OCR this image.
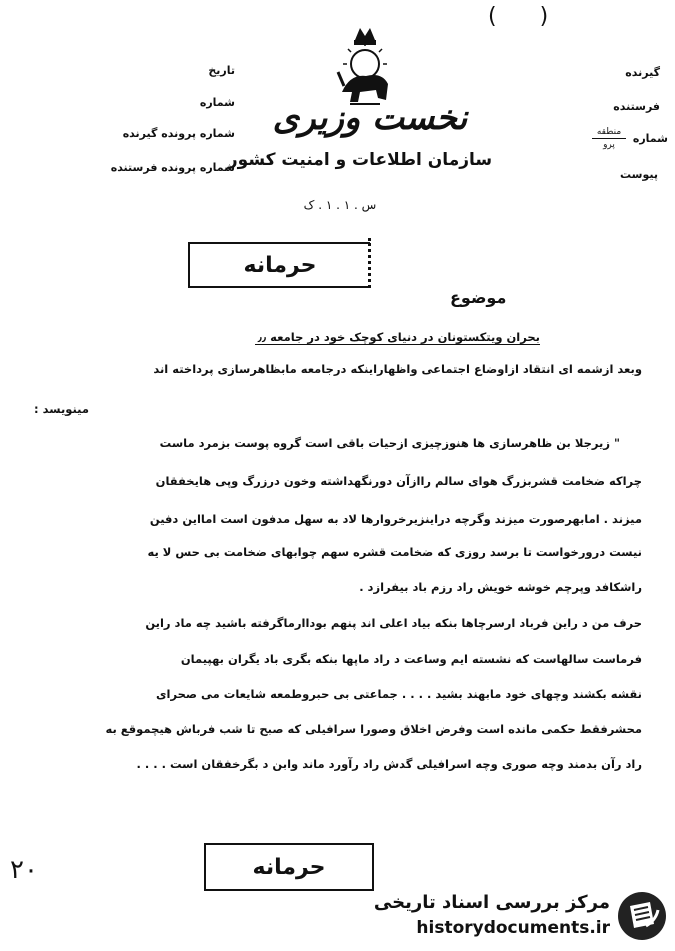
( )
تاریخ
شماره
شماره پرونده گیرنده
شماره پرونده فرستنده
گیرنده
فرستنده
شماره
منطقه
پرو
پیوست
نخست وزیری
سازمان اطلاعات و امنیت کشور
س . ۱ . ۱ . ک
حرمانه
موضوع
بحران ویتکستونان در دنیای کوچک خود در جامعه ٫٫
وبعد ازشمه ای انتقاد ازاوضاع اجتماعی واظهاراینکه درجامعه مابظاهرسازی پرداخته اند
مینویسد :
" زیرجلا بن ظاهرسازی ها هنوزچیزی ازحیات باقی است گروه پوست بزمرد ماست
چراکه ضخامت قشربزرگ هوای سالم راازآن دورنگهداشته وخون درزرگ وپی هایخفقان
میزند . امابهرصورت میزند وگرچه دراینزیرخروارها لاد به سهل مدفون است امااین دفین
نیست درورخواست تا برسد روزی که ضخامت قشره سهم چوابهای ضخامت بی حس لا یه
راشکافد وپرچم خوشه خویش راد رزم باد بیفرازد .
حرف من د راین فرباد ارسرچاها بنکه بیاد اعلی اند پنهم بوداارماگرفته باشید چه ماد راین
فرماست سالهاست که نشسته ایم وساعت د راد ماپها بنکه بگری باد یگران بهپیمان
نقشه بکشند وچهای خود مابهند بشید . . . . جماعتی بی حبروطمعه شایعات می صحرای
محشرفقط حکمی مانده است وفرض اخلاق وصورا سرافیلی که صبح تا شب فرباش هیچموقع به
راد رآن بدمند وچه صوری وچه اسرافیلی گدش راد رآورد ماند وابن د بگرخفقان است . . . .
حرمانه
٢٠
مرکز بررسی اسناد تاریخی
historydocuments.ir
